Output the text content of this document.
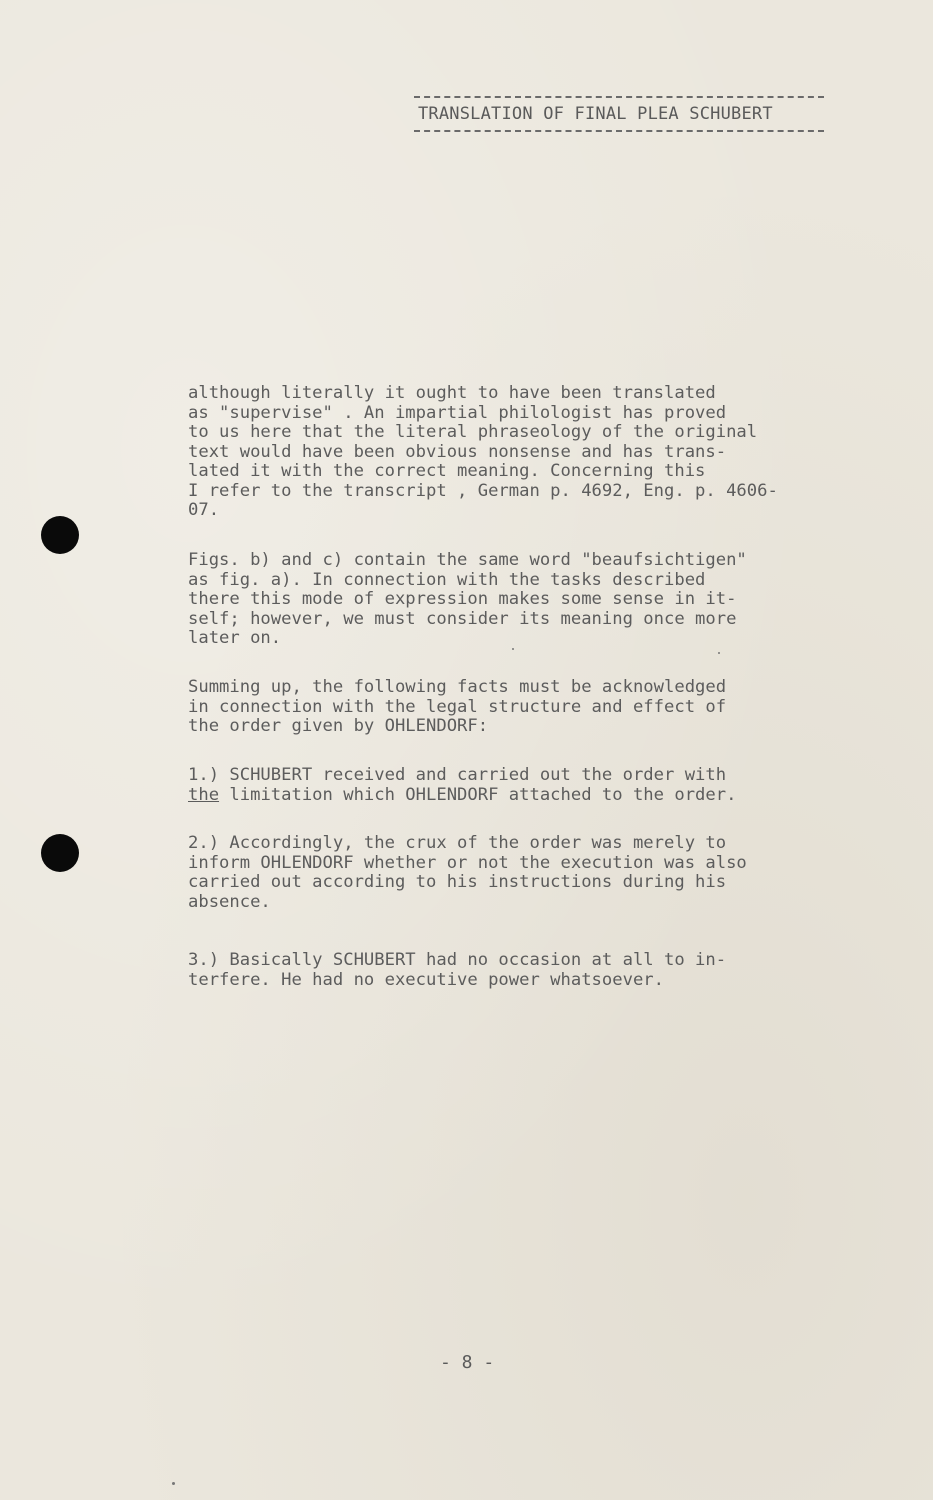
TRANSLATION OF FINAL PLEA SCHUBERT

although literally it ought to have been translated
as "supervise" . An impartial philologist has proved
to us here that the literal phraseology of the original
text would have been obvious nonsense and has trans-
lated it with the correct meaning. Concerning this
I refer to the transcript , German p. 4692, Eng. p. 4606-
07.

Figs. b) and c) contain the same word "beaufsichtigen"
as fig. a). In connection with the tasks described
there this mode of expression makes some sense in it-
self; however, we must consider its meaning once more
later on.

Summing up, the following facts must be acknowledged
in connection with the legal structure and effect of
the order given by OHLENDORF:

1.) SCHUBERT received and carried out the order with
the limitation which OHLENDORF attached to the order.

2.) Accordingly, the crux of the order was merely to
inform OHLENDORF whether or not the execution was also
carried out according to his instructions during his
absence.

3.) Basically SCHUBERT had no occasion at all to in-
terfere. He had no executive power whatsoever.

- 8 -
